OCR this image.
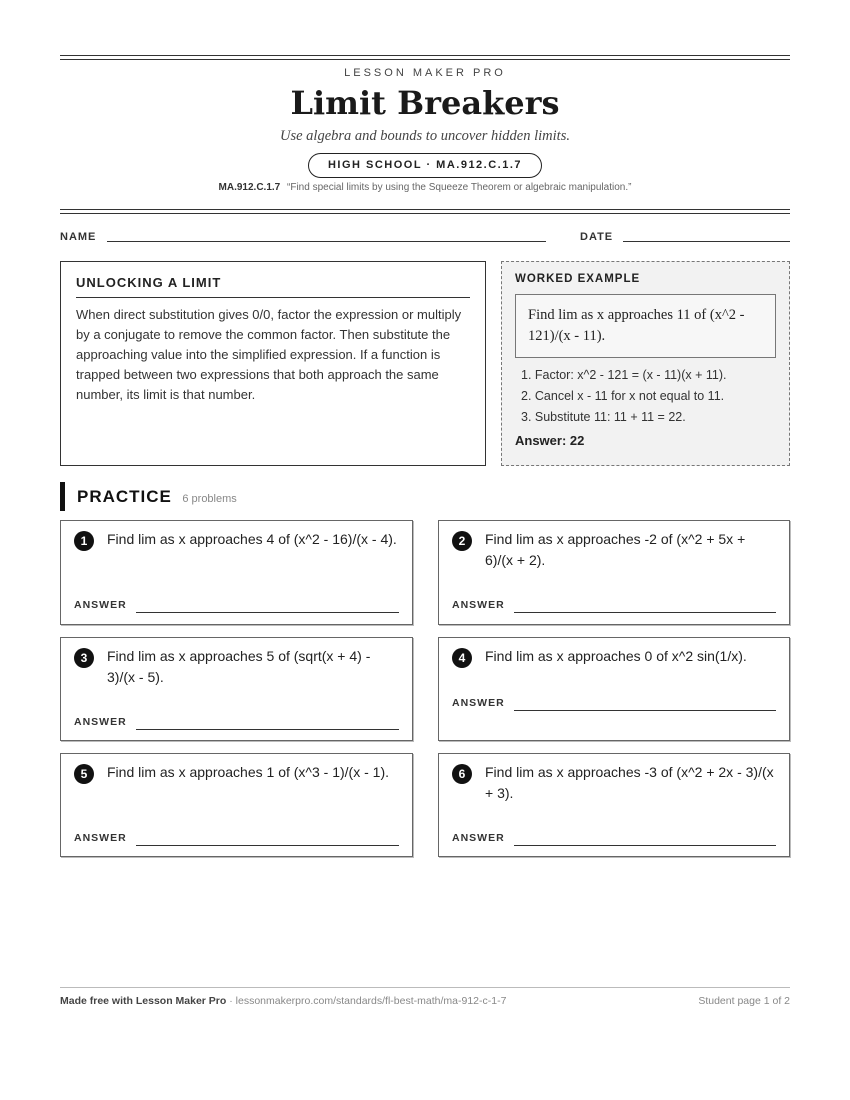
LESSON MAKER PRO
Limit Breakers
Use algebra and bounds to uncover hidden limits.
HIGH SCHOOL · MA.912.C.1.7
MA.912.C.1.7 “Find special limits by using the Squeeze Theorem or algebraic manipulation.”
NAME	DATE
UNLOCKING A LIMIT
When direct substitution gives 0/0, factor the expression or multiply by a conjugate to remove the common factor. Then substitute the approaching value into the simplified expression. If a function is trapped between two expressions that both approach the same number, its limit is that number.
WORKED EXAMPLE
Find lim as x approaches 11 of (x^2 - 121)/(x - 11).
1. Factor: x^2 - 121 = (x - 11)(x + 11).
2. Cancel x - 11 for x not equal to 11.
3. Substitute 11: 11 + 11 = 22.
Answer: 22
PRACTICE 6 problems
1	Find lim as x approaches 4 of (x^2 - 16)/(x - 4).
ANSWER
2	Find lim as x approaches -2 of (x^2 + 5x + 6)/(x + 2).
ANSWER
3	Find lim as x approaches 5 of (sqrt(x + 4) - 3)/(x - 5).
ANSWER
4	Find lim as x approaches 0 of x^2 sin(1/x).
ANSWER
5	Find lim as x approaches 1 of (x^3 - 1)/(x - 1).
ANSWER
6	Find lim as x approaches -3 of (x^2 + 2x - 3)/(x + 3).
ANSWER
Made free with Lesson Maker Pro · lessonmakerpro.com/standards/fl-best-math/ma-912-c-1-7	Student page 1 of 2
